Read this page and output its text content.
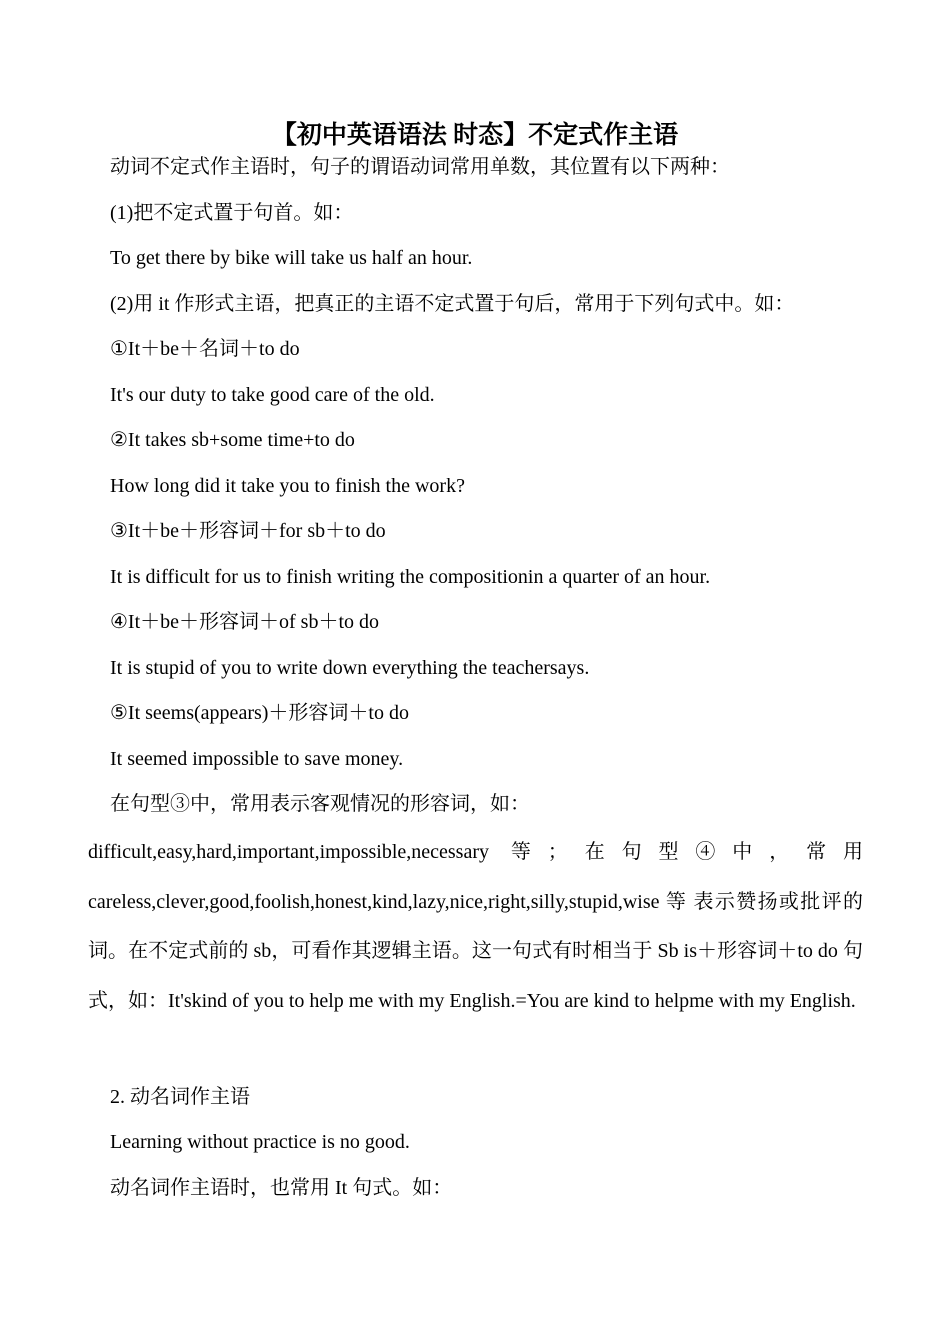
【初中英语语法 时态】不定式作主语
动词不定式作主语时，句子的谓语动词常用单数，其位置有以下两种：
(1)把不定式置于句首。如：
To get there by bike will take us half an hour.
(2)用 it 作形式主语，把真正的主语不定式置于句后，常用于下列句式中。如：
①It＋be＋名词＋to do
It's our duty to take good care of the old.
②It takes sb+some time+to do
How long did it take you to finish the work?
③It＋be＋形容词＋for sb＋to do
It is difficult for us to finish writing the compositionin a quarter of an hour.
④It＋be＋形容词＋of sb＋to do
It is stupid of you to write down everything the teachersays.
⑤It seems(appears)＋形容词＋to do
It seemed impossible to save money.
在句型③中，常用表示客观情况的形容词，如：
difficult,easy,hard,important,impossible,necessary 等；在句型④中，常用careless,clever,good,foolish,honest,kind,lazy,nice,right,silly,stupid,wise 等 表示赞扬或批评的词。在不定式前的 sb，可看作其逻辑主语。这一句式有时相当于 Sb is＋形容词＋to do 句式，如：It'skind of you to help me with my English.=You are kind to helpme with my English.
2. 动名词作主语
Learning without practice is no good.
动名词作主语时，也常用 It 句式。如：
